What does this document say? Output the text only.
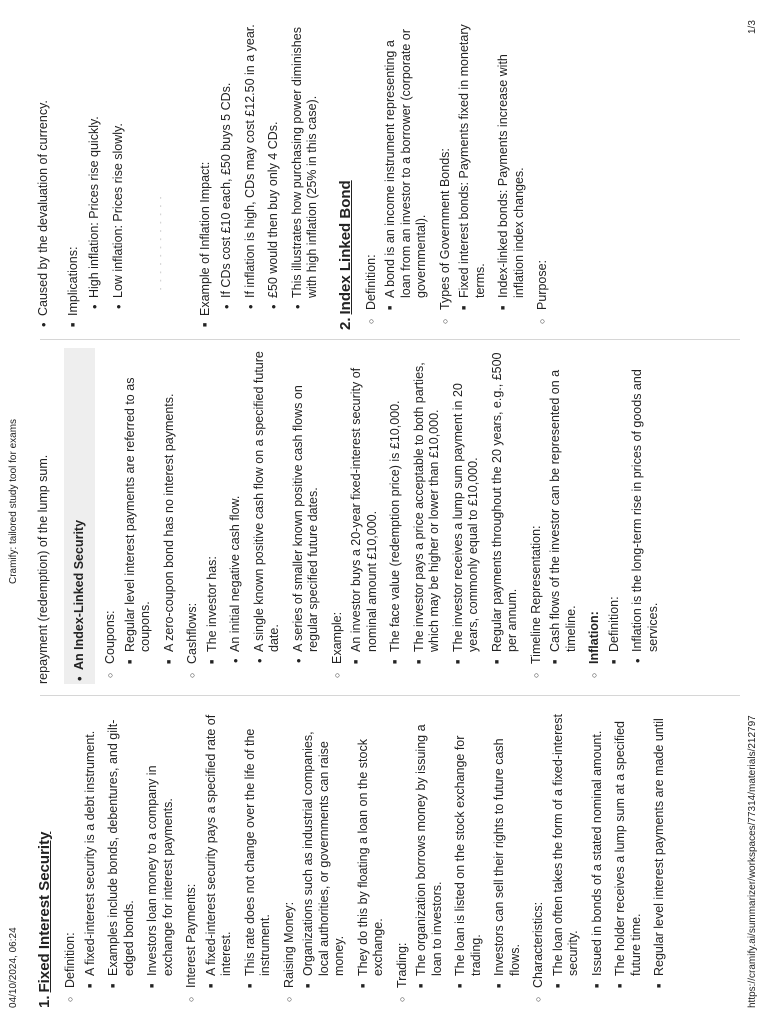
04/10/2024, 06:24
Cramify: tailored study tool for exams
https://cramify.ai/summarizer/workspaces/77314/materials/212797
1/3
1.Fixed Interest Security ○ Definition: ■ A fixed-interest security is a debt instrument. ■ Examples include bonds, debentures, and gilt-edged bonds. ■ Investors loan money to a company in exchange for interest payments. ○ Interest Payments: ■ A fixed-interest security pays a specified rate of interest. ■ This rate does not change over the life of the instrument. ○ Raising Money: ■ Organizations such as industrial companies, local authorities, or governments can raise money. ■ They do this by floating a loan on the stock exchange. ○ Trading: ■ The organization borrows money by issuing a loan to investors. ■ The loan is listed on the stock exchange for trading. ■ Investors can sell their rights to future cash flows. ○ Characteristics: ■ The loan often takes the form of a fixed-interest security. ■ Issued in bonds of a stated nominal amount. ■ The holder receives a lump sum at a specified future time. ■ Regular level interest payments are made until
repayment (redemption) of the lump sum.	• An Index-Linked Security	○ Coupons: ■ Regular level interest payments are referred to as coupons. ■ A zero-coupon bond has no interest payments. ○ Cashflows: ■ The investor has: • An initial negative cash flow. • A single known positive cash flow on a specified future date. • A series of smaller known positive cash flows on regular specified future dates. ○ Example: ■ An investor buys a 20-year fixed-interest security of nominal amount £10,000. ■ The face value (redemption price) is £10,000. ■ The investor pays a price acceptable to both parties, which may be higher or lower than £10,000. ■ The investor receives a lump sum payment in 20 years, commonly equal to £10,000. ■ Regular payments throughout the 20 years, e.g., £500 per annum. ○ Timeline Representation: ■ Cash flows of the investor can be represented on a timeline. ○ Inflation: ■ Definition: • Inflation is the long-term rise in prices of goods and services.
• Caused by the devaluation of currency. ■ Implications: • High inflation: Prices rise quickly. • Low inflation: Prices rise slowly.	- - - - - - - - - - - -	■ Example of Inflation Impact: • If CDs cost £10 each, £50 buys 5 CDs. • If inflation is high, CDs may cost £12.50 in a year. • £50 would then buy only 4 CDs. • This illustrates how purchasing power diminishes with high inflation (25% in this case).
2.Index Linked Bond ○ Definition: ■ A bond is an income instrument representing a loan from an investor to a borrower (corporate or governmental). ○ Types of Government Bonds: ■ Fixed interest bonds: Payments fixed in monetary terms. ■ Index-linked bonds: Payments increase with inflation index changes. ○ Purpose:
